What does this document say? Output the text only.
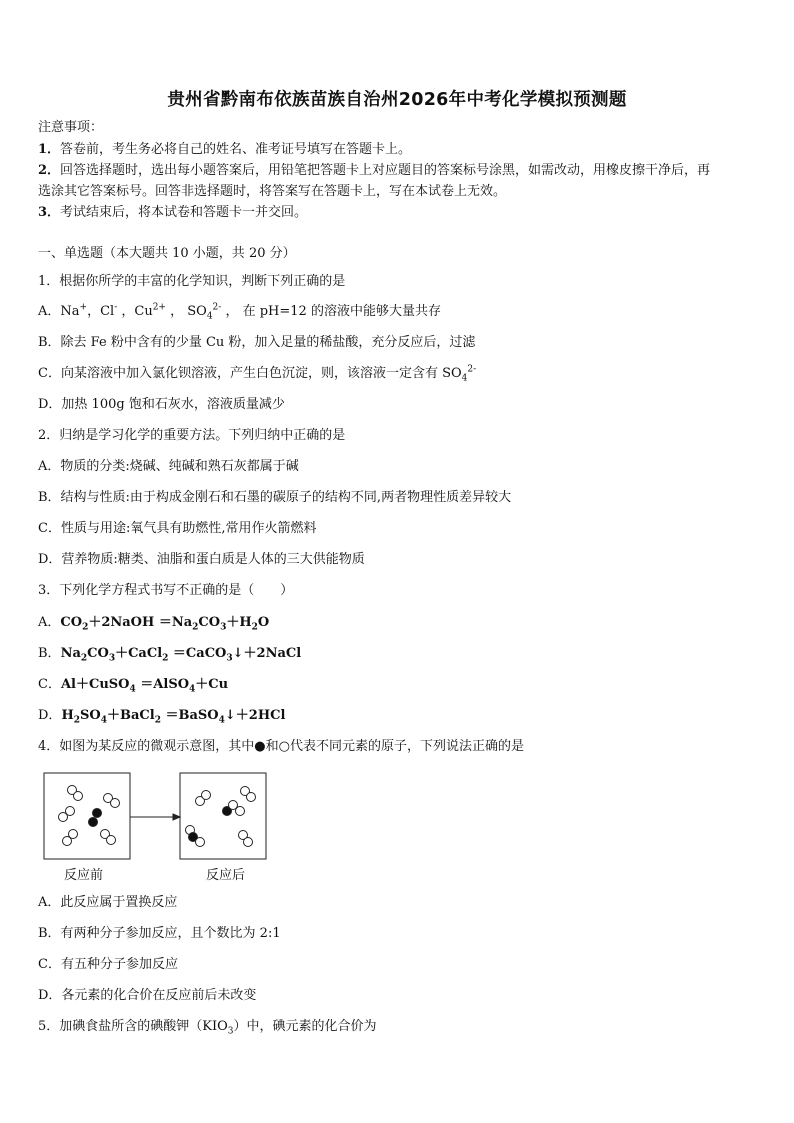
贵州省黔南布依族苗族自治州2026年中考化学模拟预测题
注意事项：
1．答卷前，考生务必将自己的姓名、准考证号填写在答题卡上。
2．回答选择题时，选出每小题答案后，用铅笔把答题卡上对应题目的答案标号涂黑，如需改动，用橡皮擦干净后，再
选涂其它答案标号。回答非选择题时，将答案写在答题卡上，写在本试卷上无效。
3．考试结束后，将本试卷和答题卡一并交回。
一、单选题（本大题共 10 小题，共 20 分）
1．根据你所学的丰富的化学知识，判断下列正确的是
A．Na+，Cl- ，$Cu^{2+}$ ， $SO_4^{2-}$ ， 在 pH=12 的溶液中能够大量共存
B．除去 Fe 粉中含有的少量 Cu 粉，加入足量的稀盐酸，充分反应后，过滤
C．向某溶液中加入氯化钡溶液，产生白色沉淀，则，该溶液一定含有 $SO_4^{2-}$
D．加热 100g 饱和石灰水，溶液质量减少
2．归纳是学习化学的重要方法。下列归纳中正确的是
A．物质的分类:烧碱、纯碱和熟石灰都属于碱
B．结构与性质:由于构成金刚石和石墨的碳原子的结构不同,两者物理性质差异较大
C．性质与用途:氧气具有助燃性,常用作火箭燃料
D．营养物质:糖类、油脂和蛋白质是人体的三大供能物质
3．下列化学方程式书写不正确的是（　　）
A．$CO_2+2NaOH =Na_2CO_3+H_2O$
B．$Na_2CO_3+CaCl_2$ ＝CaCO$_3$↓＋2NaCl
C．Al＋CuSO$_4$ ＝AlSO$_4$＋Cu
D．$H_2SO_4+BaCl_2$ ＝BaSO$_4$↓＋2HCl
4．如图为某反应的微观示意图，其中●和○代表不同元素的原子，下列说法正确的是
反应前	反应后
A．此反应属于置换反应
B．有两种分子参加反应，且个数比为 2:1
C．有五种分子参加反应
D．各元素的化合价在反应前后未改变
5．加碘食盐所含的碘酸钾$(KIO_3)$中，碘元素的化合价为
